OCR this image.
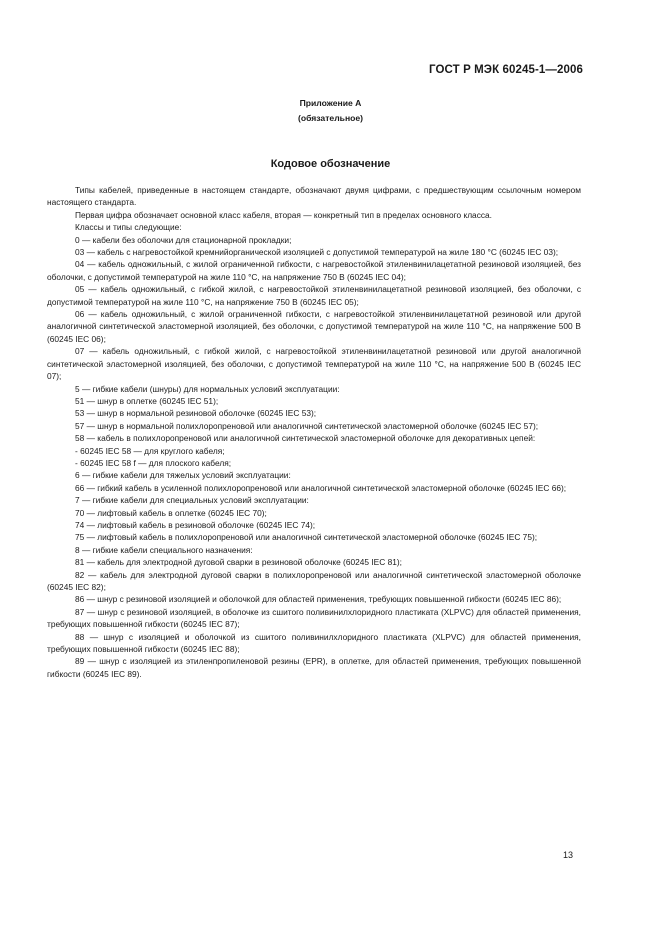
ГОСТ Р МЭК 60245-1—2006
Приложение А
(обязательное)
Кодовое обозначение

Типы кабелей, приведенные в настоящем стандарте, обозначают двумя цифрами, с предшествующим ссылочным номером настоящего стандарта.

Первая цифра обозначает основной класс кабеля, вторая — конкретный тип в пределах основного класса.

Классы и типы следующие:

0 — кабели без оболочки для стационарной прокладки;

03 — кабель с нагревостойкой кремнийорганической изоляцией с допустимой температурой на жиле 180 °С (60245 IEC 03);

04 — кабель одножильный, с жилой ограниченной гибкости, с нагревостойкой этиленвинилацетатной резиновой изоляцией, без оболочки, с допустимой температурой на жиле 110 °С, на напряжение 750 В (60245 IEC 04);

05 — кабель одножильный, с гибкой жилой, с нагревостойкой этиленвинилацетатной резиновой изоляцией, без оболочки, с допустимой температурой на жиле 110 °С, на напряжение 750 В (60245 IEC 05);

06 — кабель одножильный, с жилой ограниченной гибкости, с нагревостойкой этиленвинилацетатной резиновой или другой аналогичной синтетической эластомерной изоляцией, без оболочки, с допустимой температурой на жиле 110 °С, на напряжение 500 В (60245 IEC 06);

07 — кабель одножильный, с гибкой жилой, с нагревостойкой этиленвинилацетатной резиновой или другой аналогичной синтетической эластомерной изоляцией, без оболочки, с допустимой температурой на жиле 110 °С, на напряжение 500 В (60245 IEC 07);

5 — гибкие кабели (шнуры) для нормальных условий эксплуатации:

51 — шнур в оплетке (60245 IEC 51);

53 — шнур в нормальной резиновой оболочке (60245 IEC 53);

57 — шнур в нормальной полихлоропреновой или аналогичной синтетической эластомерной оболочке (60245 IEC 57);

58 — кабель в полихлоропреновой или аналогичной синтетической эластомерной оболочке для декоративных цепей:

- 60245 IEC 58 — для круглого кабеля;

- 60245 IEC 58 f — для плоского кабеля;

6 — гибкие кабели для тяжелых условий эксплуатации:

66 — гибкий кабель в усиленной полихлоропреновой или аналогичной синтетической эластомерной оболочке (60245 IEC 66);

7 — гибкие кабели для специальных условий эксплуатации:

70 — лифтовый кабель в оплетке (60245 IEC 70);

74 — лифтовый кабель в резиновой оболочке (60245 IEC 74);

75 — лифтовый кабель в полихлоропреновой или аналогичной синтетической эластомерной оболочке (60245 IEC 75);

8 — гибкие кабели специального назначения:

81 — кабель для электродной дуговой сварки в резиновой оболочке (60245 IEC 81);

82 — кабель для электродной дуговой сварки в полихлоропреновой или аналогичной синтетической эластомерной оболочке (60245 IEC 82);

86 — шнур с резиновой изоляцией и оболочкой для областей применения, требующих повышенной гибкости (60245 IEC 86);

87 — шнур с резиновой изоляцией, в оболочке из сшитого поливинилхлоридного пластиката (XLPVC) для областей применения, требующих повышенной гибкости (60245 IEC 87);

88 — шнур с изоляцией и оболочкой из сшитого поливинилхлоридного пластиката (XLPVC) для областей применения, требующих повышенной гибкости (60245 IEC 88);

89 — шнур с изоляцией из этиленпропиленовой резины (EPR), в оплетке, для областей применения, требующих повышенной гибкости (60245 IEC 89).

13
